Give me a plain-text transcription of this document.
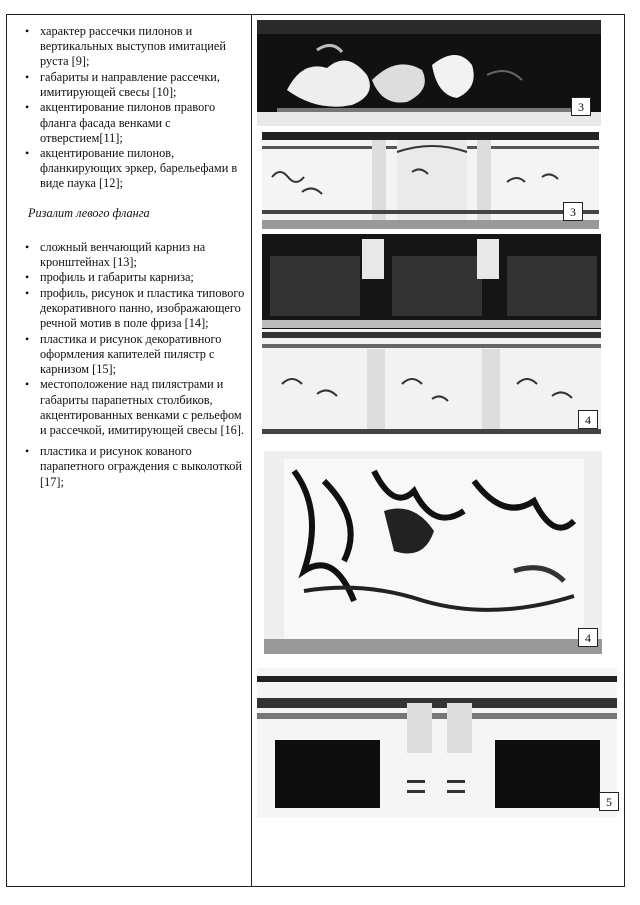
• характер рассечки пилонов и вертикальных выступов имитацией руста [9];
• габариты и направление рассечки, имитирующей свесы [10];
• акцентирование пилонов правого фланга фасада венками с отверстием[11];
• акцентирование пилонов, фланкирующих эркер, барельефами в виде паука [12];
Ризалит левого фланга
• сложный венчающий карниз на кронштейнах [13];
• профиль и габариты карниза;
• профиль, рисунок и пластика типового декоративного панно, изображающего речной мотив в поле фриза [14];
• пластика и рисунок декоративного оформления капителей пилястр с карнизом [15];
• местоположение над пилястрами и габариты парапетных столбиков, акцентированных венками с рельефом и рассечкой, имитирующей свесы [16].
• пластика и рисунок кованого парапетного ограждения с выколоткой [17];
3
3
4
4
5
